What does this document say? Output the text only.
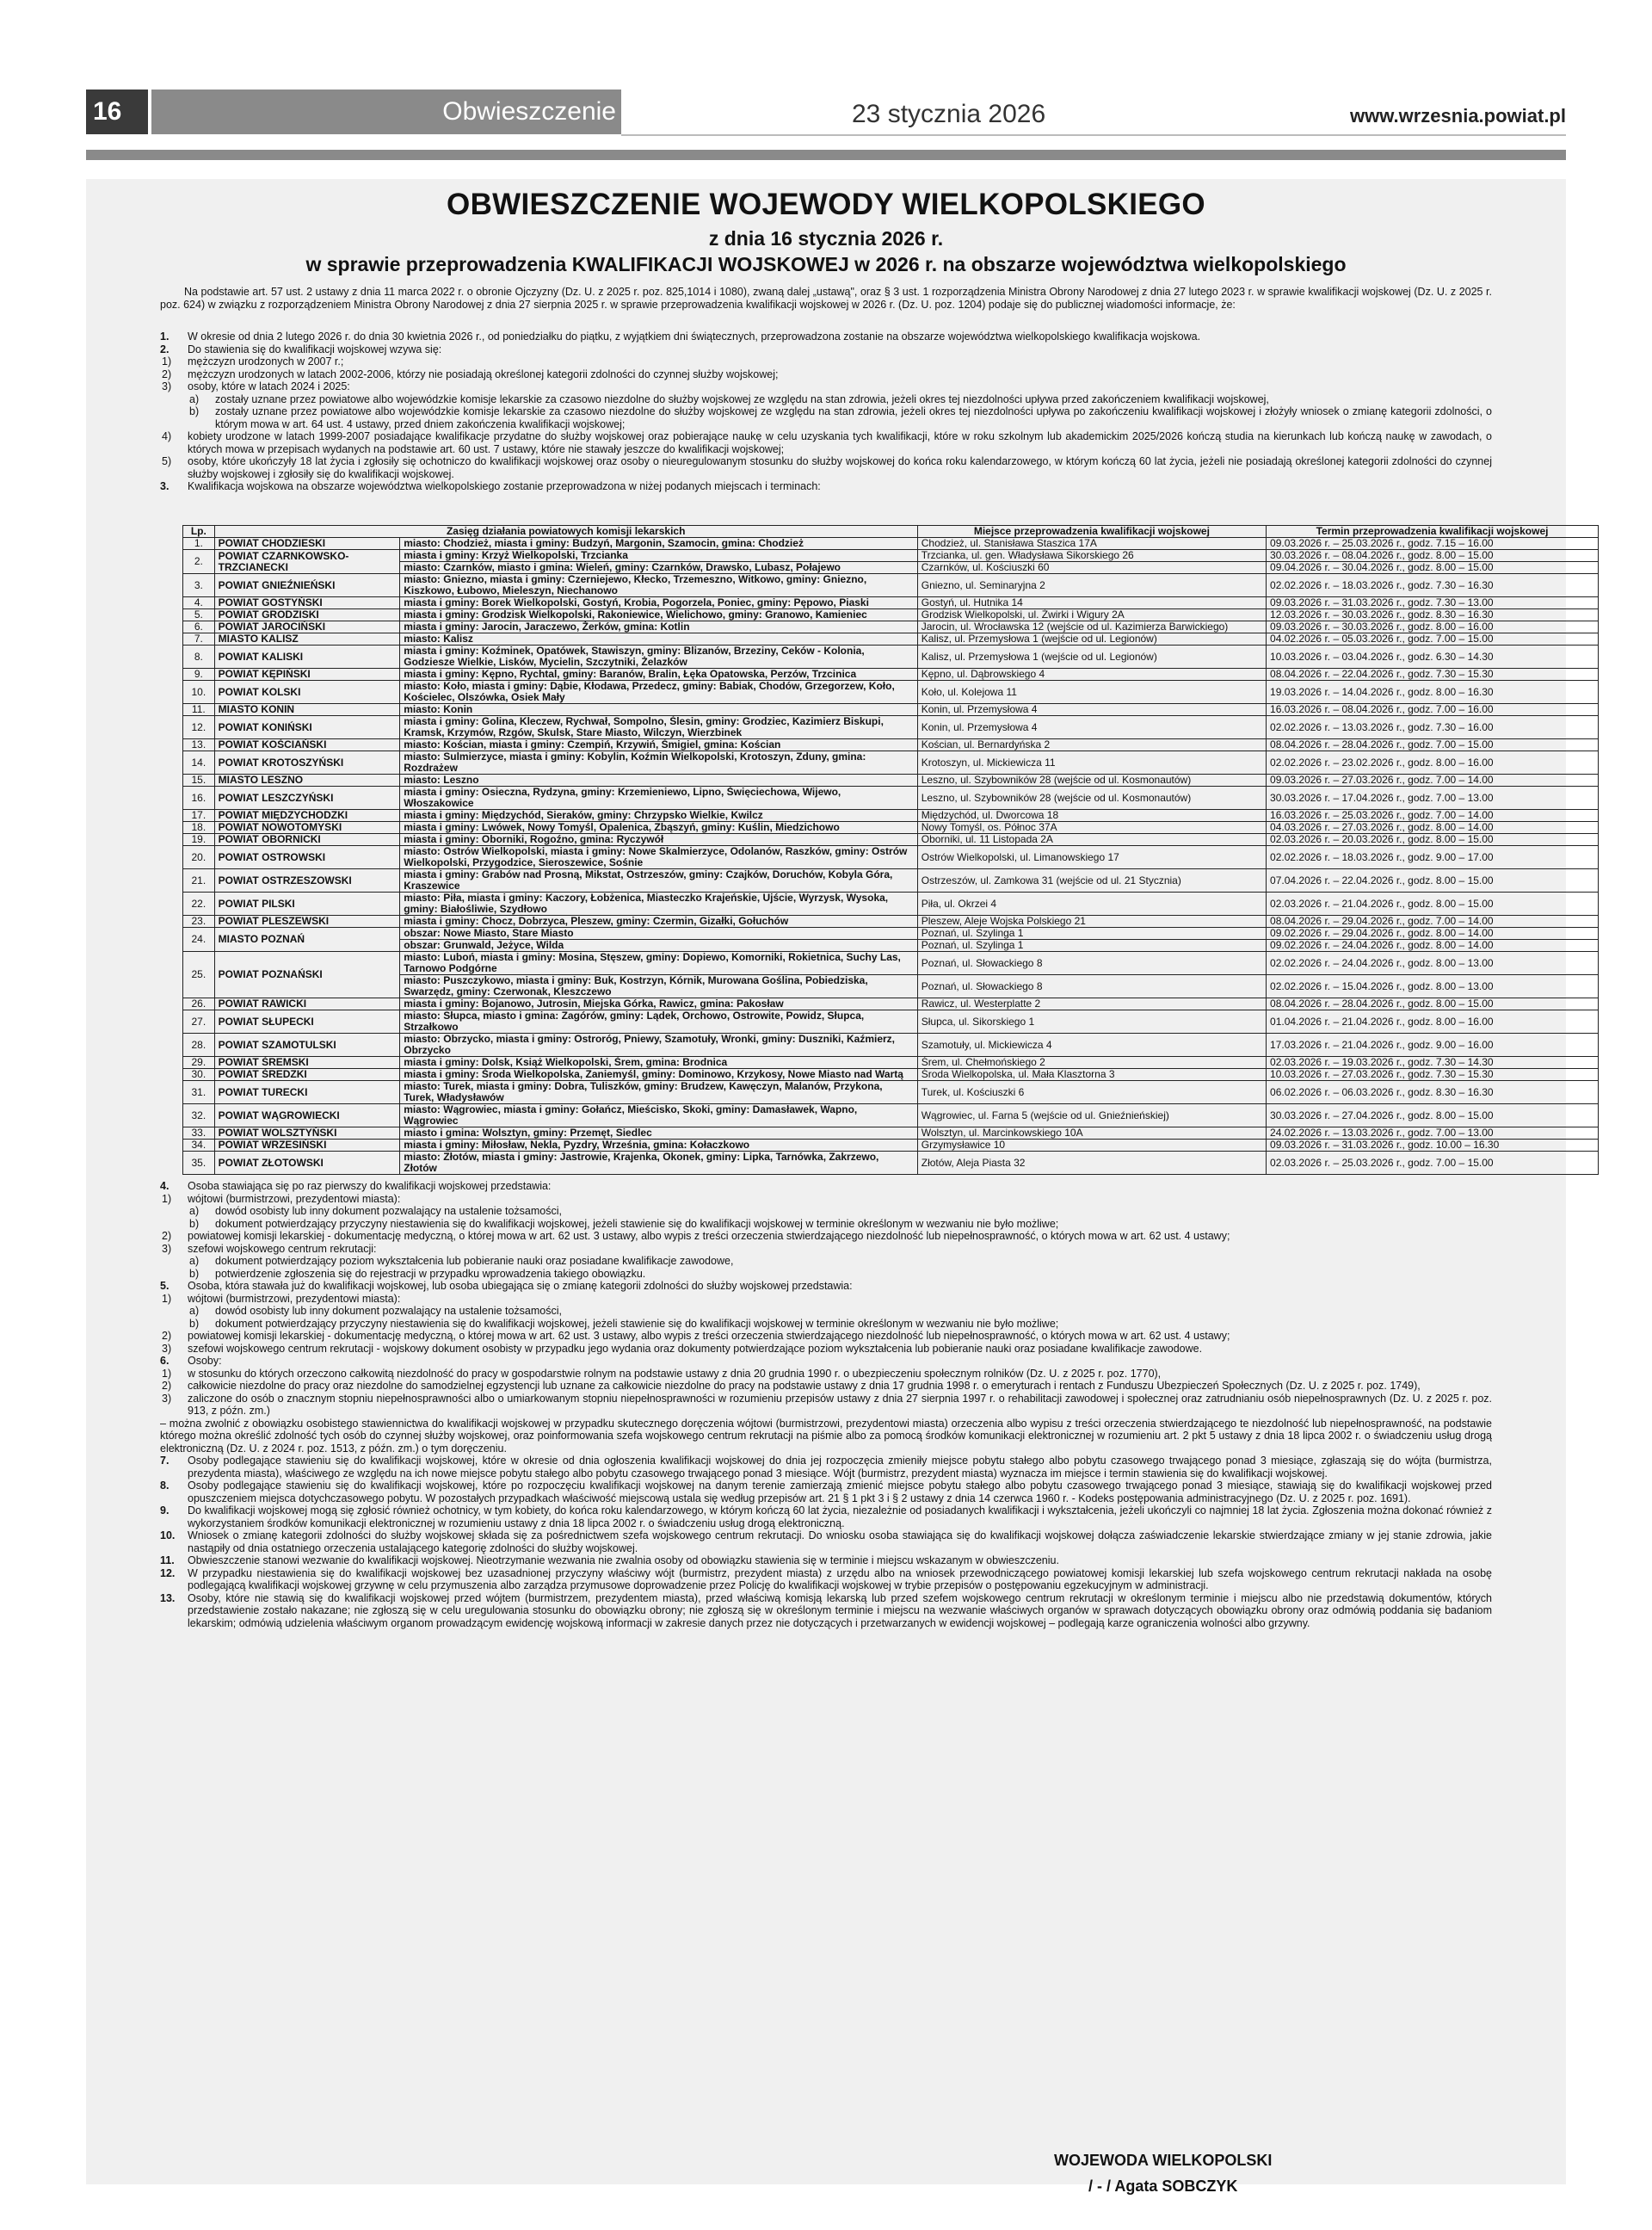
16	Obwieszczenie	23 stycznia 2026	www.wrzesnia.powiat.pl
OBWIESZCZENIE WOJEWODY WIELKOPOLSKIEGO
z dnia 16 stycznia 2026 r.
w sprawie przeprowadzenia KWALIFIKACJI WOJSKOWEJ w 2026 r. na obszarze województwa wielkopolskiego
Na podstawie art. 57 ust. 2 ustawy z dnia 11 marca 2022 r. o obronie Ojczyzny (Dz. U. z 2025 r. poz. 825,1014 i 1080), zwaną dalej „ustawą", oraz § 3 ust. 1 rozporządzenia Ministra Obrony Narodowej z dnia 27 lutego 2023 r. w sprawie kwalifikacji wojskowej (Dz. U. z 2025 r. poz. 624) w związku z rozporządzeniem Ministra Obrony Narodowej z dnia 27 sierpnia 2025 r. w sprawie przeprowadzenia kwalifikacji wojskowej w 2026 r. (Dz. U. poz. 1204) podaje się do publicznej wiadomości informacje, że:
1.	W okresie od dnia 2 lutego 2026 r. do dnia 30 kwietnia 2026 r., od poniedziałku do piątku, z wyjątkiem dni świątecznych, przeprowadzona zostanie na obszarze województwa wielkopolskiego kwalifikacja wojskowa.
2.	Do stawienia się do kwalifikacji wojskowej wzywa się:
1)	mężczyzn urodzonych w 2007 r.;
2)	mężczyzn urodzonych w latach 2002-2006, którzy nie posiadają określonej kategorii zdolności do czynnej służby wojskowej;
3)	osoby, które w latach 2024 i 2025:
a)	zostały uznane przez powiatowe albo wojewódzkie komisje lekarskie za czasowo niezdolne do służby wojskowej ze względu na stan zdrowia, jeżeli okres tej niezdolności upływa przed zakończeniem kwalifikacji wojskowej,
b)	zostały uznane przez powiatowe albo wojewódzkie komisje lekarskie za czasowo niezdolne do służby wojskowej ze względu na stan zdrowia, jeżeli okres tej niezdolności upływa po zakończeniu kwalifikacji wojskowej i złożyły wniosek o zmianę kategorii zdolności, o którym mowa w art. 64 ust. 4 ustawy, przed dniem zakończenia kwalifikacji wojskowej;
4)	kobiety urodzone w latach 1999-2007 posiadające kwalifikacje przydatne do służby wojskowej oraz pobierające naukę w celu uzyskania tych kwalifikacji, które w roku szkolnym lub akademickim 2025/2026 kończą studia na kierunkach lub kończą naukę w zawodach, o których mowa w przepisach wydanych na podstawie art. 60 ust. 7 ustawy, które nie stawały jeszcze do kwalifikacji wojskowej;
5)	osoby, które ukończyły 18 lat życia i zgłosiły się ochotniczo do kwalifikacji wojskowej oraz osoby o nieuregulowanym stosunku do służby wojskowej do końca roku kalendarzowego, w którym kończą 60 lat życia, jeżeli nie posiadają określonej kategorii zdolności do czynnej służby wojskowej i zgłosiły się do kwalifikacji wojskowej.
3.	Kwalifikacja wojskowa na obszarze województwa wielkopolskiego zostanie przeprowadzona w niżej podanych miejscach i terminach:
Lp.	Zasięg działania powiatowych komisji lekarskich		Miejsce przeprowadzenia kwalifikacji wojskowej	Termin przeprowadzenia kwalifikacji wojskowej
1.	POWIAT CHODZIESKI	miasto: Chodzież, miasta i gminy: Budzyń, Margonin, Szamocin, gmina: Chodzież	Chodzież, ul. Stanisława Staszica 17A	09.03.2026 r. – 25.03.2026 r., godz. 7.15 – 16.00
2.	POWIAT CZARNKOWSKO-TRZCIANECKI	miasta i gminy: Krzyż Wielkopolski, Trzcianka	Trzcianka, ul. gen. Władysława Sikorskiego 26	30.03.2026 r. – 08.04.2026 r., godz. 8.00 – 15.00
		miasto: Czarnków, miasto i gmina: Wieleń, gminy: Czarnków, Drawsko, Lubasz, Połajewo	Czarnków, ul. Kościuszki 60	09.04.2026 r. – 30.04.2026 r., godz. 8.00 – 15.00
3.	POWIAT GNIEŹNIEŃSKI	miasto: Gniezno, miasta i gminy: Czerniejewo, Kłecko, Trzemeszno, Witkowo, gminy: Gniezno, Kiszkowo, Łubowo, Mieleszyn, Niechanowo	Gniezno, ul. Seminaryjna 2	02.02.2026 r. – 18.03.2026 r., godz. 7.30 – 16.30
4.	POWIAT GOSTYŃSKI	miasta i gminy: Borek Wielkopolski, Gostyń, Krobia, Pogorzela, Poniec, gminy: Pępowo, Piaski	Gostyń, ul. Hutnika 14	09.03.2026 r. – 31.03.2026 r., godz. 7.30 – 13.00
5.	POWIAT GRODZISKI	miasta i gminy: Grodzisk Wielkopolski, Rakoniewice, Wielichowo, gminy: Granowo, Kamieniec	Grodzisk Wielkopolski, ul. Żwirki i Wigury 2A	12.03.2026 r. – 30.03.2026 r., godz. 8.30 – 16.30
6.	POWIAT JAROCIŃSKI	miasta i gminy: Jarocin, Jaraczewo, Żerków, gmina: Kotlin	Jarocin, ul. Wrocławska 12 (wejście od ul. Kazimierza Barwickiego)	09.03.2026 r. – 30.03.2026 r., godz. 8.00 – 16.00
7.	MIASTO KALISZ	miasto: Kalisz	Kalisz, ul. Przemysłowa 1 (wejście od ul. Legionów)	04.02.2026 r. – 05.03.2026 r., godz. 7.00 – 15.00
8.	POWIAT KALISKI	miasta i gminy: Koźminek, Opatówek, Stawiszyn, gminy: Blizanów, Brzeziny, Ceków - Kolonia, Godziesze Wielkie, Lisków, Mycielin, Szczytniki, Żelazków	Kalisz, ul. Przemysłowa 1 (wejście od ul. Legionów)	10.03.2026 r. – 03.04.2026 r., godz. 6.30 – 14.30
9.	POWIAT KĘPIŃSKI	miasta i gminy: Kępno, Rychtal, gminy: Baranów, Bralin, Łęka Opatowska, Perzów, Trzcinica	Kępno, ul. Dąbrowskiego 4	08.04.2026 r. – 22.04.2026 r., godz. 7.30 – 15.30
10.	POWIAT KOLSKI	miasto: Koło, miasta i gminy: Dąbie, Kłodawa, Przedecz, gminy: Babiak, Chodów, Grzegorzew, Koło, Kościelec, Olszówka, Osiek Mały	Koło, ul. Kolejowa 11	19.03.2026 r. – 14.04.2026 r., godz. 8.00 – 16.30
11.	MIASTO KONIN	miasto: Konin	Konin, ul. Przemysłowa 4	16.03.2026 r. – 08.04.2026 r., godz. 7.00 – 16.00
12.	POWIAT KONIŃSKI	miasta i gminy: Golina, Kleczew, Rychwał, Sompolno, Ślesin, gminy: Grodziec, Kazimierz Biskupi, Kramsk, Krzymów, Rzgów, Skulsk, Stare Miasto, Wilczyn, Wierzbinek	Konin, ul. Przemysłowa 4	02.02.2026 r. – 13.03.2026 r., godz. 7.30 – 16.00
13.	POWIAT KOŚCIAŃSKI	miasto: Kościan, miasta i gminy: Czempiń, Krzywiń, Śmigiel, gmina: Kościan	Kościan, ul. Bernardyńska 2	08.04.2026 r. – 28.04.2026 r., godz. 7.00 – 15.00
14.	POWIAT KROTOSZYŃSKI	miasto: Sulmierzyce, miasta i gminy: Kobylin, Koźmin Wielkopolski, Krotoszyn, Zduny, gmina: Rozdrażew	Krotoszyn, ul. Mickiewicza 11	02.02.2026 r. – 23.02.2026 r., godz. 8.00 – 16.00
15.	MIASTO LESZNO	miasto: Leszno	Leszno, ul. Szybowników 28 (wejście od ul. Kosmonautów)	09.03.2026 r. – 27.03.2026 r., godz. 7.00 – 14.00
16.	POWIAT LESZCZYŃSKI	miasta i gminy: Osieczna, Rydzyna, gminy: Krzemieniewo, Lipno, Święciechowa, Wijewo, Włoszakowice	Leszno, ul. Szybowników 28 (wejście od ul. Kosmonautów)	30.03.2026 r. – 17.04.2026 r., godz. 7.00 – 13.00
17.	POWIAT MIĘDZYCHODZKI	miasta i gminy: Międzychód, Sieraków, gminy: Chrzypsko Wielkie, Kwilcz	Międzychód, ul. Dworcowa 18	16.03.2026 r. – 25.03.2026 r., godz. 7.00 – 14.00
18.	POWIAT NOWOTOMYSKI	miasta i gminy: Lwówek, Nowy Tomyśl, Opalenica, Zbąszyń, gminy: Kuślin, Miedzichowo	Nowy Tomyśl, os. Północ 37A	04.03.2026 r. – 27.03.2026 r., godz. 8.00 – 14.00
19.	POWIAT OBORNICKI	miasta i gminy: Oborniki, Rogoźno, gmina: Ryczywół	Oborniki, ul. 11 Listopada 2A	02.03.2026 r. – 20.03.2026 r., godz. 8.00 – 15.00
20.	POWIAT OSTROWSKI	miasto: Ostrów Wielkopolski, miasta i gminy: Nowe Skalmierzyce, Odolanów, Raszków, gminy: Ostrów Wielkopolski, Przygodzice, Sieroszewice, Sośnie	Ostrów Wielkopolski, ul. Limanowskiego 17	02.02.2026 r. – 18.03.2026 r., godz. 9.00 – 17.00
21.	POWIAT OSTRZESZOWSKI	miasta i gminy: Grabów nad Prosną, Mikstat, Ostrzeszów, gminy: Czajków, Doruchów, Kobyla Góra, Kraszewice	Ostrzeszów, ul. Zamkowa 31 (wejście od ul. 21 Stycznia)	07.04.2026 r. – 22.04.2026 r., godz. 8.00 – 15.00
22.	POWIAT PILSKI	miasto: Piła, miasta i gminy: Kaczory, Łobżenica, Miasteczko Krajeńskie, Ujście, Wyrzysk, Wysoka, gminy: Białośliwie, Szydłowo	Piła, ul. Okrzei 4	02.03.2026 r. – 21.04.2026 r., godz. 8.00 – 15.00
23.	POWIAT PLESZEWSKI	miasta i gminy: Chocz, Dobrzyca, Pleszew, gminy: Czermin, Gizałki, Gołuchów	Pleszew, Aleje Wojska Polskiego 21	08.04.2026 r. – 29.04.2026 r., godz. 7.00 – 14.00
24.	MIASTO POZNAŃ	obszar: Nowe Miasto, Stare Miasto	Poznań, ul. Szylinga 1	09.02.2026 r. – 29.04.2026 r., godz. 8.00 – 14.00
		obszar: Grunwald, Jeżyce, Wilda	Poznań, ul. Szylinga 1	09.02.2026 r. – 24.04.2026 r., godz. 8.00 – 14.00
25.	POWIAT POZNAŃSKI	miasto: Luboń, miasta i gminy: Mosina, Stęszew, gminy: Dopiewo, Komorniki, Rokietnica, Suchy Las, Tarnowo Podgórne	Poznań, ul. Słowackiego 8	02.02.2026 r. – 24.04.2026 r., godz. 8.00 – 13.00
		miasto: Puszczykowo, miasta i gminy: Buk, Kostrzyn, Kórnik, Murowana Goślina, Pobiedziska, Swarzędz, gminy: Czerwonak, Kleszczewo	Poznań, ul. Słowackiego 8	02.02.2026 r. – 15.04.2026 r., godz. 8.00 – 13.00
26.	POWIAT RAWICKI	miasta i gminy: Bojanowo, Jutrosin, Miejska Górka, Rawicz, gmina: Pakosław	Rawicz, ul. Westerplatte 2	08.04.2026 r. – 28.04.2026 r., godz. 8.00 – 15.00
27.	POWIAT SŁUPECKI	miasto: Słupca, miasto i gmina: Zagórów, gminy: Lądek, Orchowo, Ostrowite, Powidz, Słupca, Strzałkowo	Słupca, ul. Sikorskiego 1	01.04.2026 r. – 21.04.2026 r., godz. 8.00 – 16.00
28.	POWIAT SZAMOTULSKI	miasto: Obrzycko, miasta i gminy: Ostroróg, Pniewy, Szamotuły, Wronki, gminy: Duszniki, Kaźmierz, Obrzycko	Szamotuły, ul. Mickiewicza 4	17.03.2026 r. – 21.04.2026 r., godz. 9.00 – 16.00
29.	POWIAT ŚREMSKI	miasta i gminy: Dolsk, Książ Wielkopolski, Śrem, gmina: Brodnica	Śrem, ul. Chełmońskiego 2	02.03.2026 r. – 19.03.2026 r., godz. 7.30 – 14.30
30.	POWIAT ŚREDZKI	miasta i gminy: Środa Wielkopolska, Zaniemyśl, gminy: Dominowo, Krzykosy, Nowe Miasto nad Wartą	Środa Wielkopolska, ul. Mała Klasztorna 3	10.03.2026 r. – 27.03.2026 r., godz. 7.30 – 15.30
31.	POWIAT TURECKI	miasto: Turek, miasta i gminy: Dobra, Tuliszków, gminy: Brudzew, Kawęczyn, Malanów, Przykona, Turek, Władysławów	Turek, ul. Kościuszki 6	06.02.2026 r. – 06.03.2026 r., godz. 8.30 – 16.30
32.	POWIAT WĄGROWIECKI	miasto: Wągrowiec, miasta i gminy: Gołańcz, Mieścisko, Skoki, gminy: Damasławek, Wapno, Wągrowiec	Wągrowiec, ul. Farna 5 (wejście od ul. Gnieźnieńskiej)	30.03.2026 r. – 27.04.2026 r., godz. 8.00 – 15.00
33.	POWIAT WOLSZTYŃSKI	miasto i gmina: Wolsztyn, gminy: Przemęt, Siedlec	Wolsztyn, ul. Marcinkowskiego 10A	24.02.2026 r. – 13.03.2026 r., godz. 7.00 – 13.00
34.	POWIAT WRZESIŃSKI	miasta i gminy: Miłosław, Nekla, Pyzdry, Września, gmina: Kołaczkowo	Grzymysławice 10	09.03.2026 r. – 31.03.2026 r., godz. 10.00 – 16.30
35.	POWIAT ZŁOTOWSKI	miasto: Złotów, miasta i gminy: Jastrowie, Krajenka, Okonek, gminy: Lipka, Tarnówka, Zakrzewo, Złotów	Złotów, Aleja Piasta 32	02.03.2026 r. – 25.03.2026 r., godz. 7.00 – 15.00
4.	Osoba stawiająca się po raz pierwszy do kwalifikacji wojskowej przedstawia:
1)	wójtowi (burmistrzowi, prezydentowi miasta):
a)	dowód osobisty lub inny dokument pozwalający na ustalenie tożsamości,
b)	dokument potwierdzający przyczyny niestawienia się do kwalifikacji wojskowej, jeżeli stawienie się do kwalifikacji wojskowej w terminie określonym w wezwaniu nie było możliwe;
2)	powiatowej komisji lekarskiej - dokumentację medyczną, o której mowa w art. 62 ust. 3 ustawy, albo wypis z treści orzeczenia stwierdzającego niezdolność lub niepełnosprawność, o których mowa w art. 62 ust. 4 ustawy;
3)	szefowi wojskowego centrum rekrutacji:
a)	dokument potwierdzający poziom wykształcenia lub pobieranie nauki oraz posiadane kwalifikacje zawodowe,
b)	potwierdzenie zgłoszenia się do rejestracji w przypadku wprowadzenia takiego obowiązku.
5.	Osoba, która stawała już do kwalifikacji wojskowej, lub osoba ubiegająca się o zmianę kategorii zdolności do służby wojskowej przedstawia:
1)	wójtowi (burmistrzowi, prezydentowi miasta):
a)	dowód osobisty lub inny dokument pozwalający na ustalenie tożsamości,
b)	dokument potwierdzający przyczyny niestawienia się do kwalifikacji wojskowej, jeżeli stawienie się do kwalifikacji wojskowej w terminie określonym w wezwaniu nie było możliwe;
2)	powiatowej komisji lekarskiej - dokumentację medyczną, o której mowa w art. 62 ust. 3 ustawy, albo wypis z treści orzeczenia stwierdzającego niezdolność lub niepełnosprawność, o których mowa w art. 62 ust. 4 ustawy;
3)	szefowi wojskowego centrum rekrutacji - wojskowy dokument osobisty w przypadku jego wydania oraz dokumenty potwierdzające poziom wykształcenia lub pobieranie nauki oraz posiadane kwalifikacje zawodowe.
6.	Osoby:
1)	w stosunku do których orzeczono całkowitą niezdolność do pracy w gospodarstwie rolnym na podstawie ustawy z dnia 20 grudnia 1990 r. o ubezpieczeniu społecznym rolników (Dz. U. z 2025 r. poz. 1770),
2)	całkowicie niezdolne do pracy oraz niezdolne do samodzielnej egzystencji lub uznane za całkowicie niezdolne do pracy na podstawie ustawy z dnia 17 grudnia 1998 r. o emeryturach i rentach z Funduszu Ubezpieczeń Społecznych (Dz. U. z 2025 r. poz. 1749),
3)	zaliczone do osób o znacznym stopniu niepełnosprawności albo o umiarkowanym stopniu niepełnosprawności w rozumieniu przepisów ustawy z dnia 27 sierpnia 1997 r. o rehabilitacji zawodowej i społecznej oraz zatrudnianiu osób niepełnosprawnych (Dz. U. z 2025 r. poz. 913, z późn. zm.)
– można zwolnić z obowiązku osobistego stawiennictwa do kwalifikacji wojskowej w przypadku skutecznego doręczenia wójtowi (burmistrzowi, prezydentowi miasta) orzeczenia albo wypisu z treści orzeczenia stwierdzającego te niezdolność lub niepełnosprawność, na podstawie którego można określić zdolność tych osób do czynnej służby wojskowej, oraz poinformowania szefa wojskowego centrum rekrutacji na piśmie albo za pomocą środków komunikacji elektronicznej w rozumieniu art. 2 pkt 5 ustawy z dnia 18 lipca 2002 r. o świadczeniu usług drogą elektroniczną (Dz. U. z 2024 r. poz. 1513, z późn. zm.) o tym doręczeniu.
7.	Osoby podlegające stawieniu się do kwalifikacji wojskowej, które w okresie od dnia ogłoszenia kwalifikacji wojskowej do dnia jej rozpoczęcia zmieniły miejsce pobytu stałego albo pobytu czasowego trwającego ponad 3 miesiące, zgłaszają się do wójta (burmistrza, prezydenta miasta), właściwego ze względu na ich nowe miejsce pobytu stałego albo pobytu czasowego trwającego ponad 3 miesiące. Wójt (burmistrz, prezydent miasta) wyznacza im miejsce i termin stawienia się do kwalifikacji wojskowej.
8.	Osoby podlegające stawieniu się do kwalifikacji wojskowej, które po rozpoczęciu kwalifikacji wojskowej na danym terenie zamierzają zmienić miejsce pobytu stałego albo pobytu czasowego trwającego ponad 3 miesiące, stawiają się do kwalifikacji wojskowej przed opuszczeniem miejsca dotychczasowego pobytu. W pozostałych przypadkach właściwość miejscową ustala się według przepisów art. 21 § 1 pkt 3 i § 2 ustawy z dnia 14 czerwca 1960 r. - Kodeks postępowania administracyjnego (Dz. U. z 2025 r. poz. 1691).
9.	Do kwalifikacji wojskowej mogą się zgłosić również ochotnicy, w tym kobiety, do końca roku kalendarzowego, w którym kończą 60 lat życia, niezależnie od posiadanych kwalifikacji i wykształcenia, jeżeli ukończyli co najmniej 18 lat życia. Zgłoszenia można dokonać również z wykorzystaniem środków komunikacji elektronicznej w rozumieniu ustawy z dnia 18 lipca 2002 r. o świadczeniu usług drogą elektroniczną.
10.	Wniosek o zmianę kategorii zdolności do służby wojskowej składa się za pośrednictwem szefa wojskowego centrum rekrutacji. Do wniosku osoba stawiająca się do kwalifikacji wojskowej dołącza zaświadczenie lekarskie stwierdzające zmiany w jej stanie zdrowia, jakie nastąpiły od dnia ostatniego orzeczenia ustalającego kategorię zdolności do służby wojskowej.
11.	Obwieszczenie stanowi wezwanie do kwalifikacji wojskowej. Nieotrzymanie wezwania nie zwalnia osoby od obowiązku stawienia się w terminie i miejscu wskazanym w obwieszczeniu.
12.	W przypadku niestawienia się do kwalifikacji wojskowej bez uzasadnionej przyczyny właściwy wójt (burmistrz, prezydent miasta) z urzędu albo na wniosek przewodniczącego powiatowej komisji lekarskiej lub szefa wojskowego centrum rekrutacji nakłada na osobę podlegającą kwalifikacji wojskowej grzywnę w celu przymuszenia albo zarządza przymusowe doprowadzenie przez Policję do kwalifikacji wojskowej w trybie przepisów o postępowaniu egzekucyjnym w administracji.
13.	Osoby, które nie stawią się do kwalifikacji wojskowej przed wójtem (burmistrzem, prezydentem miasta), przed właściwą komisją lekarską lub przed szefem wojskowego centrum rekrutacji w określonym terminie i miejscu albo nie przedstawią dokumentów, których przedstawienie zostało nakazane; nie zgłoszą się w celu uregulowania stosunku do obowiązku obrony; nie zgłoszą się w określonym terminie i miejscu na wezwanie właściwych organów w sprawach dotyczących obowiązku obrony oraz odmówią poddania się badaniom lekarskim; odmówią udzielenia właściwym organom prowadzącym ewidencję wojskową informacji w zakresie danych przez nie dotyczących i przetwarzanych w ewidencji wojskowej – podlegają karze ograniczenia wolności albo grzywny.
WOJEWODA WIELKOPOLSKI
/ - / Agata SOBCZYK
